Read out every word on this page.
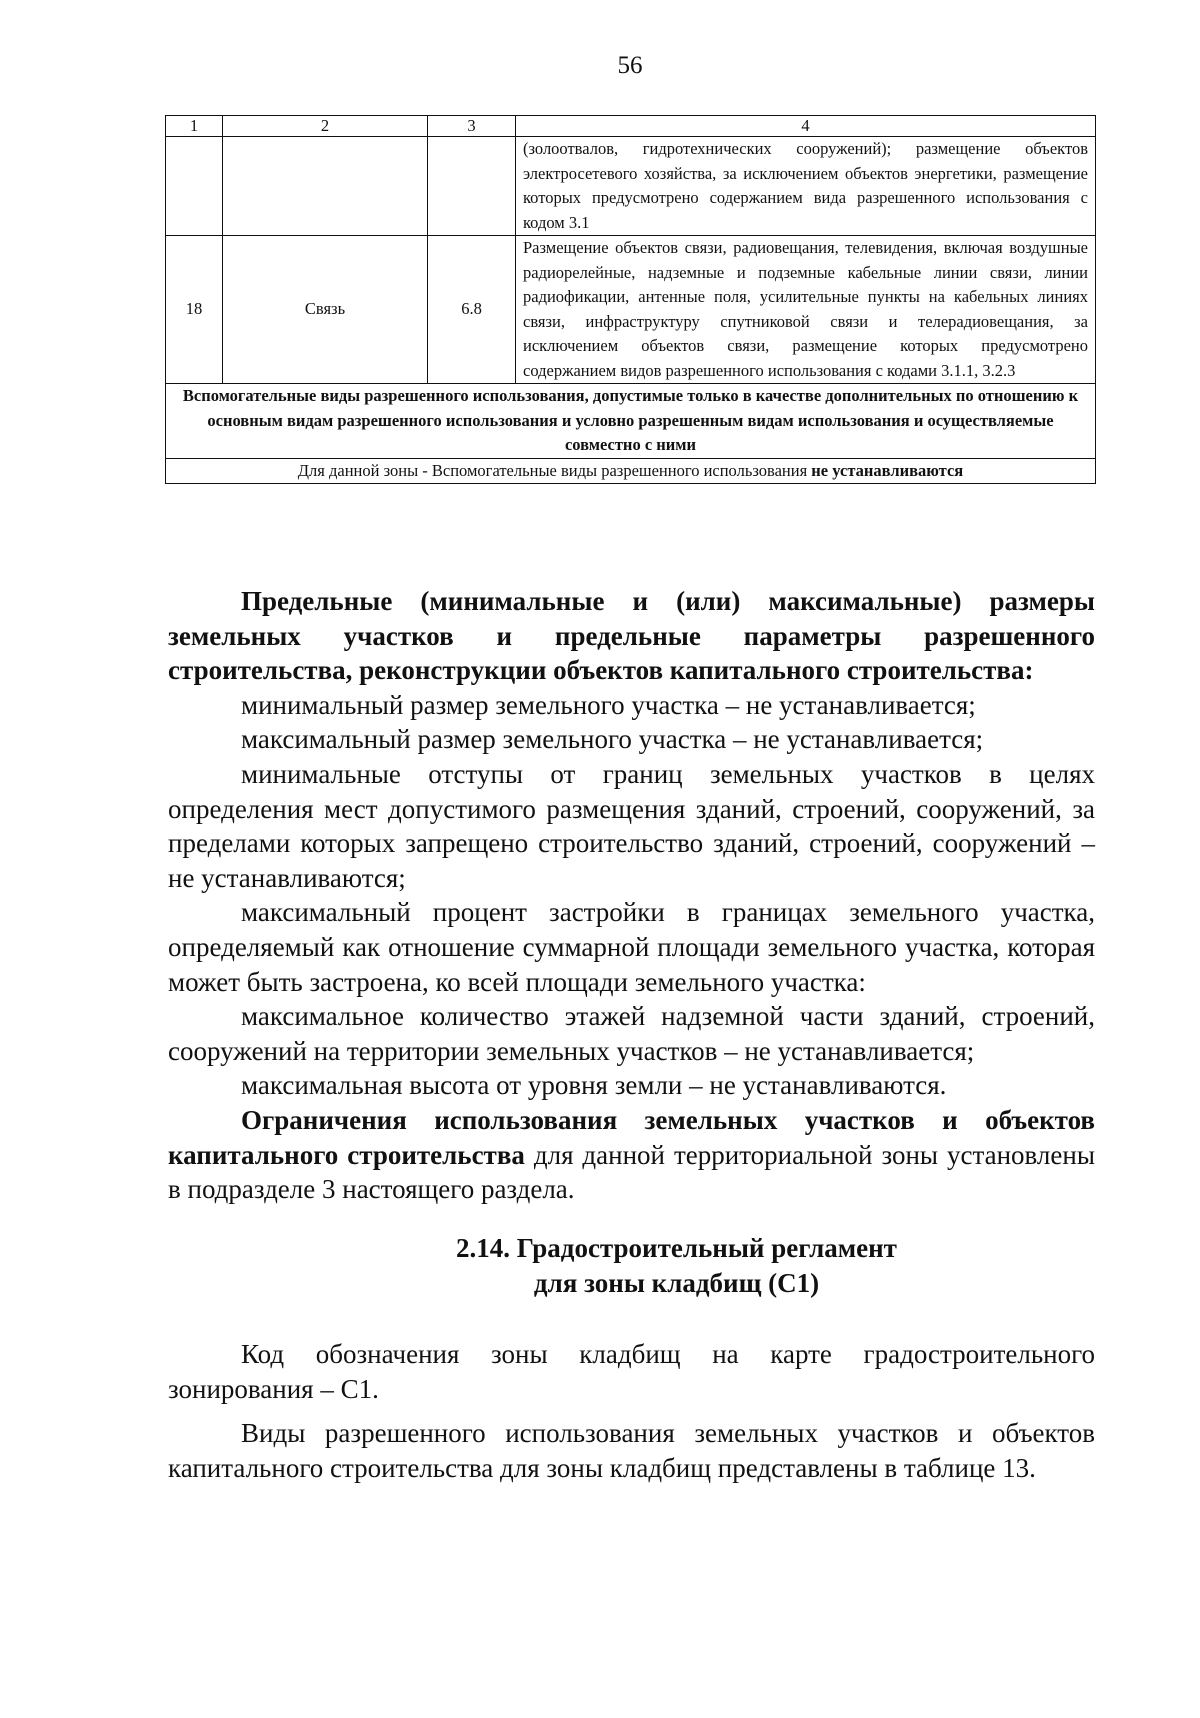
56
1	2	3	4
			(золоотвалов, гидротехнических сооружений); размещение объектов электросетевого хозяйства, за исключением объектов энергетики, размещение которых предусмотрено содержанием вида разрешенного использования с кодом 3.1
18	Связь	6.8	Размещение объектов связи, радиовещания, телевидения, включая воздушные радиорелейные, надземные и подземные кабельные линии связи, линии радиофикации, антенные поля, усилительные пункты на кабельных линиях связи, инфраструктуру спутниковой связи и телерадиовещания, за исключением объектов связи, размещение которых предусмотрено содержанием видов разрешенного использования с кодами 3.1.1, 3.2.3
Вспомогательные виды разрешенного использования, допустимые только в качестве дополнительных по отношению к основным видам разрешенного использования и условно разрешенным видам использования и осуществляемые совместно с ними			
Для данной зоны - Вспомогательные виды разрешенного использования не устанавливаются			

Предельные (минимальные и (или) максимальные) размеры земельных участков и предельные параметры разрешенного строительства, реконструкции объектов капитального строительства:

минимальный размер земельного участка – не устанавливается;

максимальный размер земельного участка – не устанавливается;

минимальные отступы от границ земельных участков в целях определения мест допустимого размещения зданий, строений, сооружений, за пределами которых запрещено строительство зданий, строений, сооружений – не устанавливаются;

максимальный процент застройки в границах земельного участка, определяемый как отношение суммарной площади земельного участка, которая может быть застроена, ко всей площади земельного участка:

максимальное количество этажей надземной части зданий, строений, сооружений на территории земельных участков – не устанавливается;

максимальная высота от уровня земли – не устанавливаются.

Ограничения использования земельных участков и объектов капитального строительства для данной территориальной зоны установлены в подразделе 3 настоящего раздела.

2.14. Градостроительный регламент
для зоны кладбищ (С1)

Код обозначения зоны кладбищ на карте градостроительного зонирования – С1.

Виды разрешенного использования земельных участков и объектов капитального строительства для зоны кладбищ представлены в таблице 13.
